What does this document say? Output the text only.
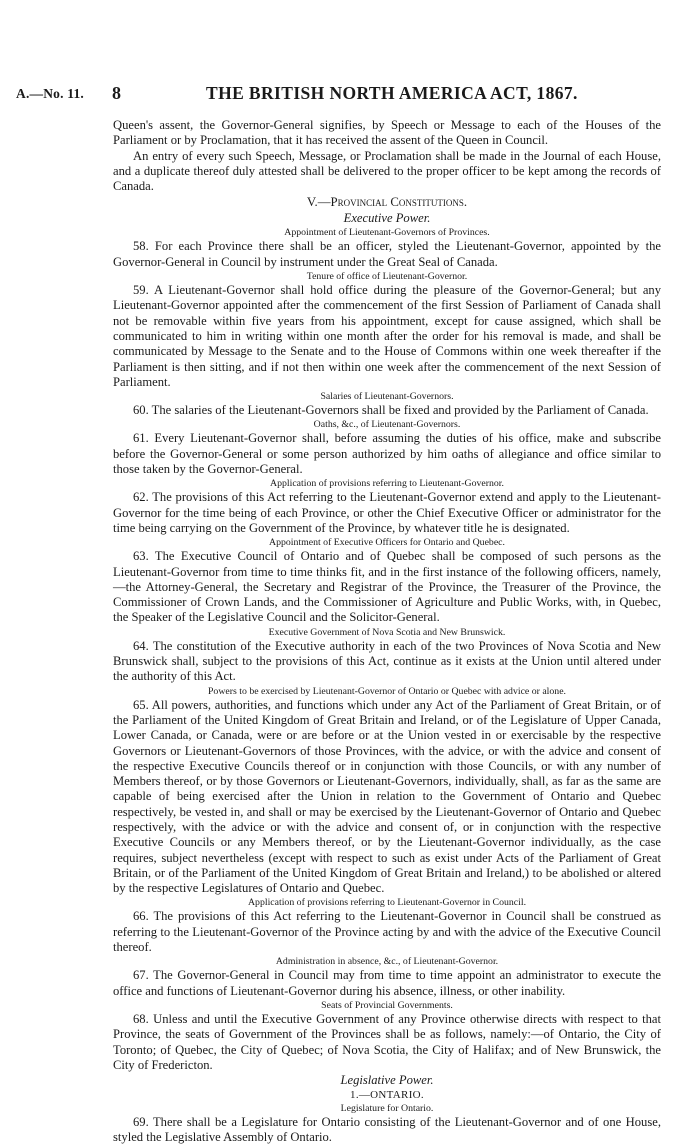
A.—No. 11. 8	THE BRITISH NORTH AMERICA ACT, 1867.

Queen's assent, the Governor-General signifies, by Speech or Message to each of the Houses of the Parliament or by Proclamation, that it has received the assent of the Queen in Council.

An entry of every such Speech, Message, or Proclamation shall be made in the Journal of each House, and a duplicate thereof duly attested shall be delivered to the proper officer to be kept among the records of Canada.

V.—Provincial Constitutions.

Executive Power.

Appointment of Lieutenant-Governors of Provinces.

58. For each Province there shall be an officer, styled the Lieutenant-Governor, appointed by the Governor-General in Council by instrument under the Great Seal of Canada.

Tenure of office of Lieutenant-Governor.

59. A Lieutenant-Governor shall hold office during the pleasure of the Governor-General; but any Lieutenant-Governor appointed after the commencement of the first Session of Parliament of Canada shall not be removable within five years from his appointment, except for cause assigned, which shall be communicated to him in writing within one month after the order for his removal is made, and shall be communicated by Message to the Senate and to the House of Commons within one week thereafter if the Parliament is then sitting, and if not then within one week after the commencement of the next Session of Parliament.

Salaries of Lieutenant-Governors.

60. The salaries of the Lieutenant-Governors shall be fixed and provided by the Parliament of Canada.

Oaths, &c., of Lieutenant-Governors.

61. Every Lieutenant-Governor shall, before assuming the duties of his office, make and subscribe before the Governor-General or some person authorized by him oaths of allegiance and office similar to those taken by the Governor-General.

Application of provisions referring to Lieutenant-Governor.

62. The provisions of this Act referring to the Lieutenant-Governor extend and apply to the Lieutenant-Governor for the time being of each Province, or other the Chief Executive Officer or administrator for the time being carrying on the Government of the Province, by whatever title he is designated.

Appointment of Executive Officers for Ontario and Quebec.

63. The Executive Council of Ontario and of Quebec shall be composed of such persons as the Lieutenant-Governor from time to time thinks fit, and in the first instance of the following officers, namely,—the Attorney-General, the Secretary and Registrar of the Province, the Treasurer of the Province, the Commissioner of Crown Lands, and the Commissioner of Agriculture and Public Works, with, in Quebec, the Speaker of the Legislative Council and the Solicitor-General.

Executive Government of Nova Scotia and New Brunswick.

64. The constitution of the Executive authority in each of the two Provinces of Nova Scotia and New Brunswick shall, subject to the provisions of this Act, continue as it exists at the Union until altered under the authority of this Act.

Powers to be exercised by Lieutenant-Governor of Ontario or Quebec with advice or alone.

65. All powers, authorities, and functions which under any Act of the Parliament of Great Britain, or of the Parliament of the United Kingdom of Great Britain and Ireland, or of the Legislature of Upper Canada, Lower Canada, or Canada, were or are before or at the Union vested in or exercisable by the respective Governors or Lieutenant-Governors of those Provinces, with the advice, or with the advice and consent of the respective Executive Councils thereof or in conjunction with those Councils, or with any number of Members thereof, or by those Governors or Lieutenant-Governors, individually, shall, as far as the same are capable of being exercised after the Union in relation to the Government of Ontario and Quebec respectively, be vested in, and shall or may be exercised by the Lieutenant-Governor of Ontario and Quebec respectively, with the advice or with the advice and consent of, or in conjunction with the respective Executive Councils or any Members thereof, or by the Lieutenant-Governor individually, as the case requires, subject nevertheless (except with respect to such as exist under Acts of the Parliament of Great Britain, or of the Parliament of the United Kingdom of Great Britain and Ireland,) to be abolished or altered by the respective Legislatures of Ontario and Quebec.

Application of provisions referring to Lieutenant-Governor in Council.

66. The provisions of this Act referring to the Lieutenant-Governor in Council shall be construed as referring to the Lieutenant-Governor of the Province acting by and with the advice of the Executive Council thereof.

Administration in absence, &c., of Lieutenant-Governor.

67. The Governor-General in Council may from time to time appoint an administrator to execute the office and functions of Lieutenant-Governor during his absence, illness, or other inability.

Seats of Provincial Governments.

68. Unless and until the Executive Government of any Province otherwise directs with respect to that Province, the seats of Government of the Provinces shall be as follows, namely:—of Ontario, the City of Toronto; of Quebec, the City of Quebec; of Nova Scotia, the City of Halifax; and of New Brunswick, the City of Fredericton.

Legislative Power.

1.—ONTARIO.

Legislature for Ontario.

69. There shall be a Legislature for Ontario consisting of the Lieutenant-Governor and of one House, styled the Legislative Assembly of Ontario.
